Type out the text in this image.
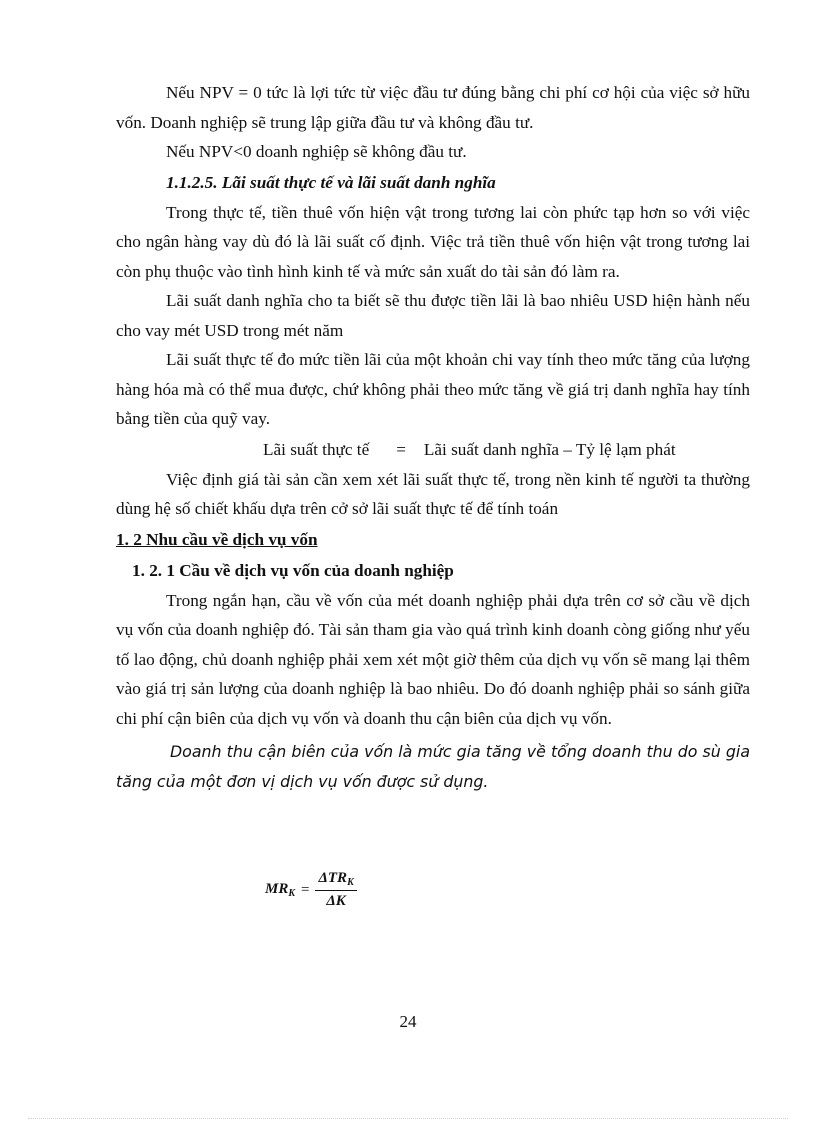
Nếu NPV = 0 tức là lợi tức từ việc đầu tư đúng bằng chi phí cơ hội của việc sở hữu vốn. Doanh nghiệp sẽ trung lập giữa đầu tư và không đầu tư.

Nếu NPV<0 doanh nghiệp sẽ không đầu tư.

1.1.2.5. Lãi suất thực tế và lãi suất danh nghĩa

Trong thực tế, tiền thuê vốn hiện vật trong tương lai còn phức tạp hơn so với việc cho ngân hàng vay dù đó là lãi suất cố định. Việc trả tiền thuê vốn hiện vật trong tương lai còn phụ thuộc vào tình hình kinh tế và mức sản xuất do tài sản đó làm ra.

Lãi suất danh nghĩa cho ta biết sẽ thu được tiền lãi là bao nhiêu USD hiện hành nếu cho vay mét USD trong mét năm

Lãi suất thực tế đo mức tiền lãi của một khoản chi vay tính theo mức tăng của lượng hàng hóa mà có thể mua được, chứ không phải theo mức tăng về giá trị danh nghĩa hay tính bằng tiền của quỹ vay.

Lãi suất thực tế = Lãi suất danh nghĩa – Tỷ lệ lạm phát

Việc định giá tài sản cần xem xét lãi suất thực tế, trong nền kinh tế người ta thường dùng hệ số chiết khấu dựa trên cở sở lãi suất thực tế để tính toán

1. 2 Nhu cầu về dịch vụ vốn

1. 2. 1 Cầu về dịch vụ vốn của doanh nghiệp

Trong ngắn hạn, cầu về vốn của mét doanh nghiệp phải dựa trên cơ sở cầu về dịch vụ vốn của doanh nghiệp đó. Tài sản tham gia vào quá trình kinh doanh còng giống như yếu tố lao động, chủ doanh nghiệp phải xem xét một giờ thêm của dịch vụ vốn sẽ mang lại thêm vào giá trị sản lượng của doanh nghiệp là bao nhiêu. Do đó doanh nghiệp phải so sánh giữa chi phí cận biên của dịch vụ vốn và doanh thu cận biên của dịch vụ vốn.

Doanh thu cận biên của vốn là mức gia tăng về tổng doanh thu do sù gia tăng của một đơn vị dịch vụ vốn được sử dụng.

$MR_K = \frac{\Delta TR_K}{\Delta K}$
24
